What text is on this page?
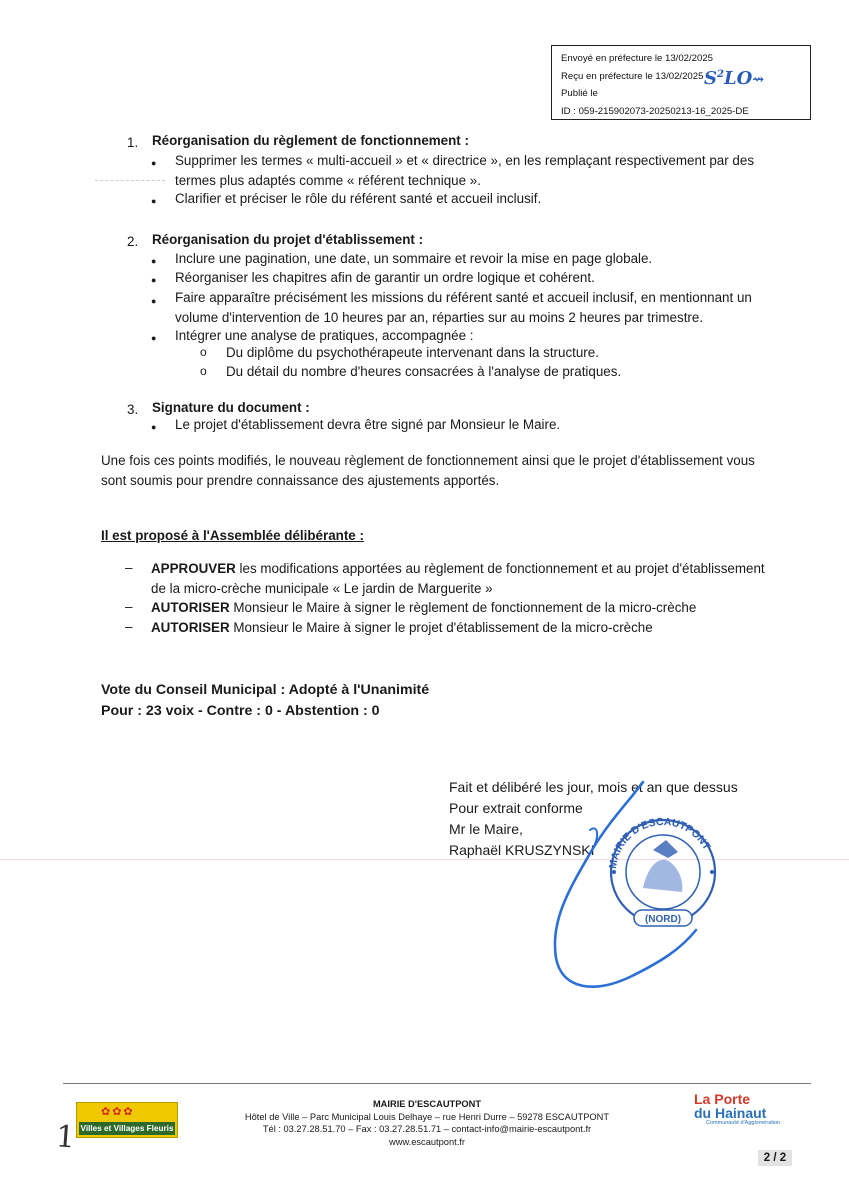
Envoyé en préfecture le 13/02/2025
Reçu en préfecture le 13/02/2025
Publié le
ID : 059-215902073-20250213-16_2025-DE
$S^2LO⇝$
1. Réorganisation du règlement de fonctionnement :
● Supprimer les termes « multi-accueil » et « directrice », en les remplaçant respectivement par des
termes plus adaptés comme « référent technique ».
● Clarifier et préciser le rôle du référent santé et accueil inclusif.
2. Réorganisation du projet d'établissement :
● Inclure une pagination, une date, un sommaire et revoir la mise en page globale.
● Réorganiser les chapitres afin de garantir un ordre logique et cohérent.
● Faire apparaître précisément les missions du référent santé et accueil inclusif, en mentionnant un
volume d'intervention de 10 heures par an, réparties sur au moins 2 heures par trimestre.
● Intégrer une analyse de pratiques, accompagnée :
o Du diplôme du psychothérapeute intervenant dans la structure.
o Du détail du nombre d'heures consacrées à l'analyse de pratiques.
3. Signature du document :
● Le projet d'établissement devra être signé par Monsieur le Maire.
Une fois ces points modifiés, le nouveau règlement de fonctionnement ainsi que le projet d'établissement vous
sont soumis pour prendre connaissance des ajustements apportés.
Il est proposé à l'Assemblée délibérante :
– APPROUVER les modifications apportées au règlement de fonctionnement et au projet d'établissement
de la micro-crèche municipale « Le jardin de Marguerite »
– AUTORISER Monsieur le Maire à signer le règlement de fonctionnement de la micro-crèche
– AUTORISER Monsieur le Maire à signer le projet d'établissement de la micro-crèche
Vote du Conseil Municipal : Adopté à l'Unanimité
Pour : 23 voix - Contre : 0 - Abstention : 0
Fait et délibéré les jour, mois et an que dessus
Pour extrait conforme
Mr le Maire,
Raphaël KRUSZYNSKI
MAIRIE D'ESCAUTPONT
(NORD)
✿✿✿
Villes et Villages Fleuris
MAIRIE D'ESCAUTPONT
Hôtel de Ville – Parc Municipal Louis Delhaye – rue Henri Durre – 59278 ESCAUTPONT
Tél : 03.27.28.51.70 – Fax : 03.27.28.51.71 – contact-info@mairie-escautpont.fr
www.escautpont.fr
La Porte
du Hainaut
Communauté d'Agglomération
2 / 2
1
